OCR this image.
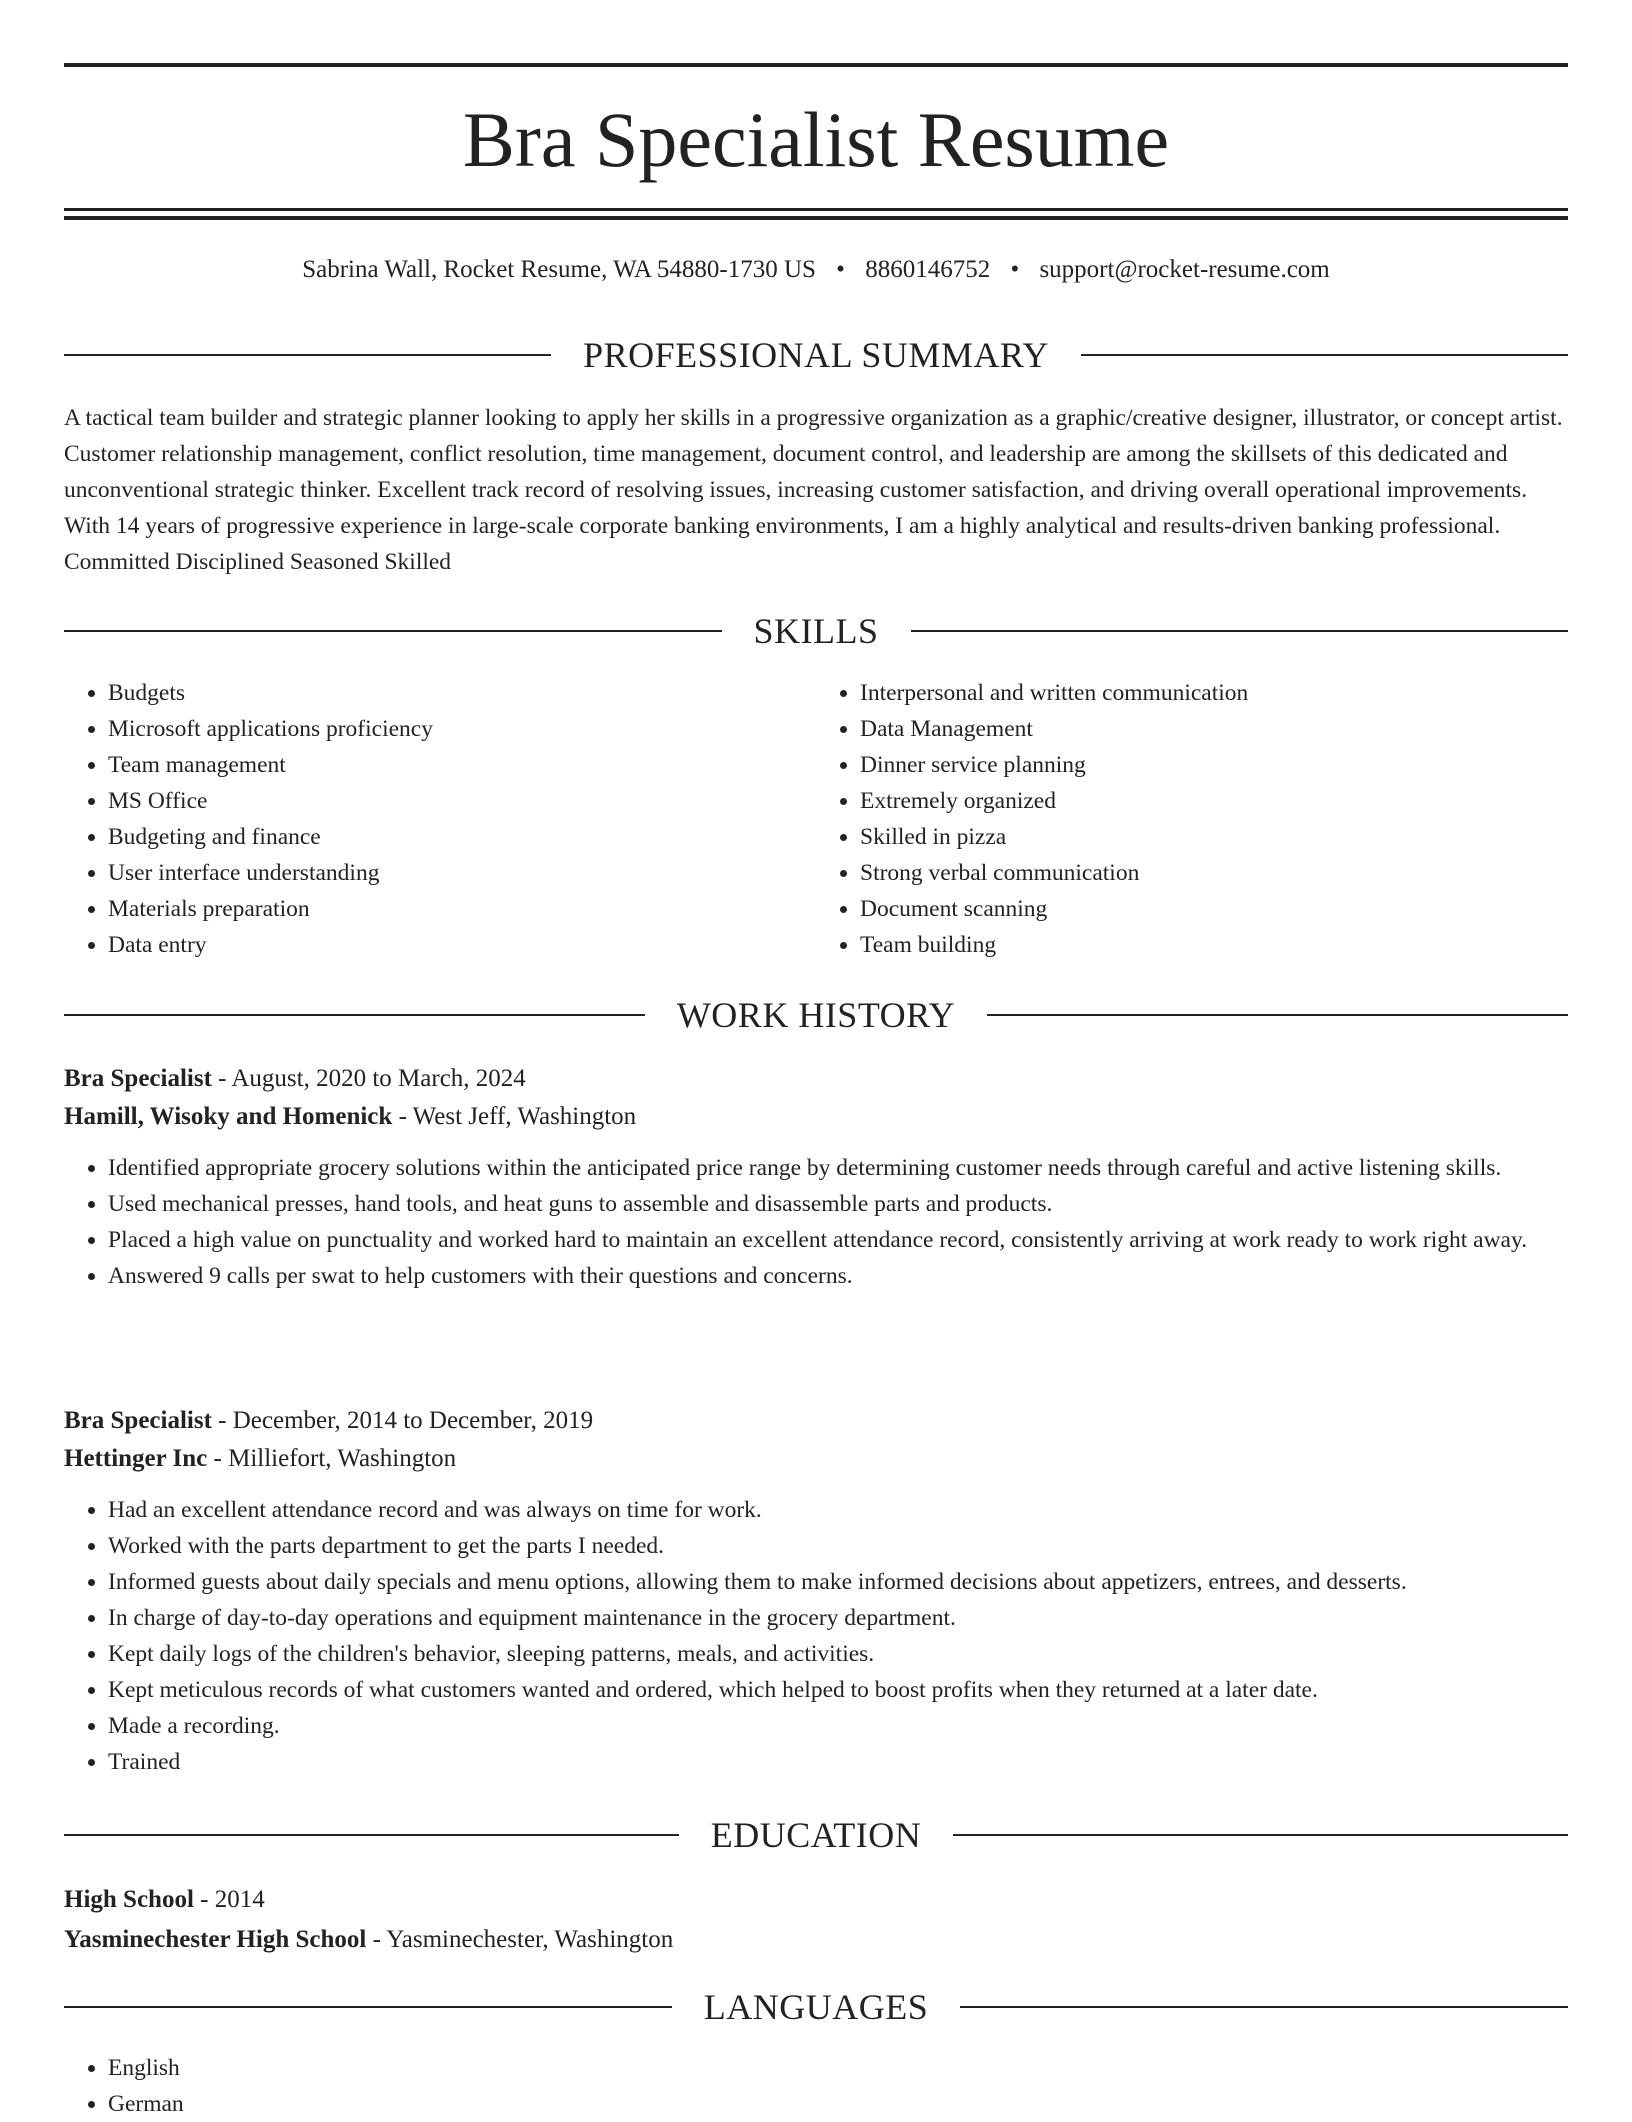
Bra Specialist Resume
Sabrina Wall, Rocket Resume, WA 54880-1730 US • 8860146752 • support@rocket-resume.com
PROFESSIONAL SUMMARY

A tactical team builder and strategic planner looking to apply her skills in a progressive organization as a graphic/creative designer, illustrator, or concept artist. Customer relationship management, conflict resolution, time management, document control, and leadership are among the skillsets of this dedicated and unconventional strategic thinker. Excellent track record of resolving issues, increasing customer satisfaction, and driving overall operational improvements. With 14 years of progressive experience in large-scale corporate banking environments, I am a highly analytical and results-driven banking professional. Committed Disciplined Seasoned Skilled

SKILLS
• Budgets
• Microsoft applications proficiency
• Team management
• MS Office
• Budgeting and finance
• User interface understanding
• Materials preparation
• Data entry
• Interpersonal and written communication
• Data Management
• Dinner service planning
• Extremely organized
• Skilled in pizza
• Strong verbal communication
• Document scanning
• Team building
WORK HISTORY
Bra Specialist - August, 2020 to March, 2024
Hamill, Wisoky and Homenick - West Jeff, Washington
• Identified appropriate grocery solutions within the anticipated price range by determining customer needs through careful and active listening skills.
• Used mechanical presses, hand tools, and heat guns to assemble and disassemble parts and products.
• Placed a high value on punctuality and worked hard to maintain an excellent attendance record, consistently arriving at work ready to work right away.
• Answered 9 calls per swat to help customers with their questions and concerns.
Bra Specialist - December, 2014 to December, 2019
Hettinger Inc - Milliefort, Washington
• Had an excellent attendance record and was always on time for work.
• Worked with the parts department to get the parts I needed.
• Informed guests about daily specials and menu options, allowing them to make informed decisions about appetizers, entrees, and desserts.
• In charge of day-to-day operations and equipment maintenance in the grocery department.
• Kept daily logs of the children's behavior, sleeping patterns, meals, and activities.
• Kept meticulous records of what customers wanted and ordered, which helped to boost profits when they returned at a later date.
• Made a recording.
• Trained
EDUCATION
High School - 2014
Yasminechester High School - Yasminechester, Washington
LANGUAGES
• English
• German
